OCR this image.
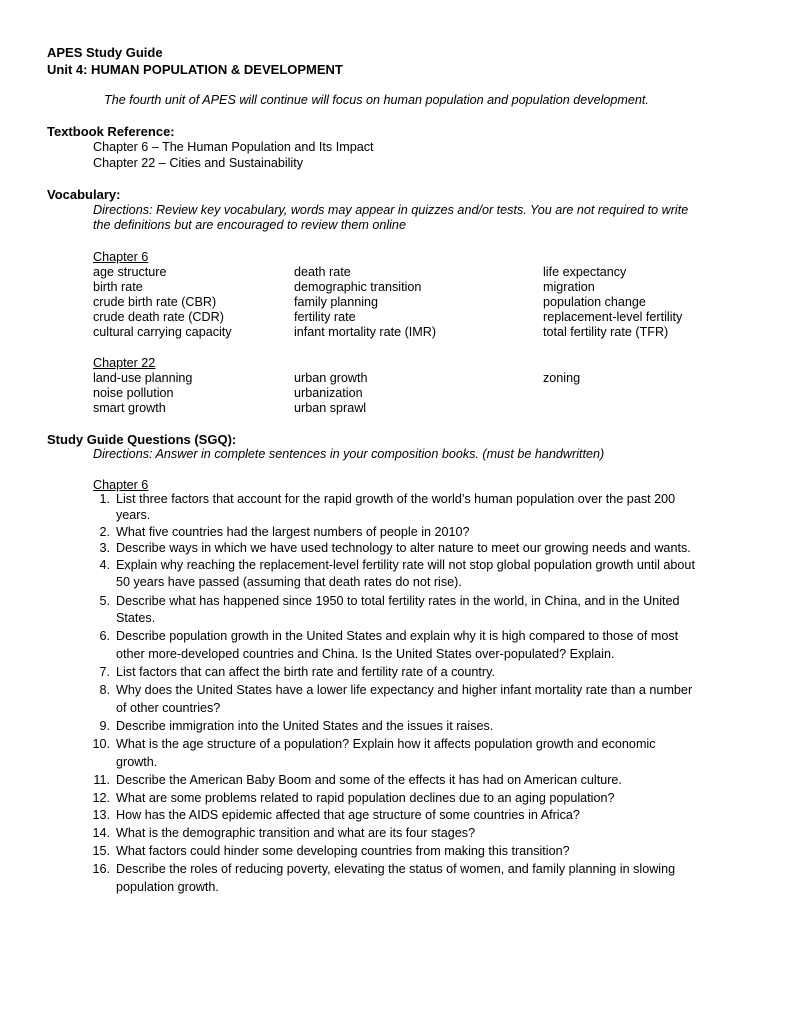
APES Study Guide
Unit 4: HUMAN POPULATION & DEVELOPMENT
The fourth unit of APES will continue will focus on human population and population development.
Textbook Reference:
Chapter 6 – The Human Population and Its Impact
Chapter 22 – Cities and Sustainability
Vocabulary:
Directions: Review key vocabulary, words may appear in quizzes and/or tests. You are not required to write
the definitions but are encouraged to review them online
Chapter 6
age structure
birth rate
crude birth rate (CBR)
crude death rate (CDR)
cultural carrying capacity
death rate
demographic transition
family planning
fertility rate
infant mortality rate (IMR)
life expectancy
migration
population change
replacement-level fertility
total fertility rate (TFR)
Chapter 22
land-use planning
noise pollution
smart growth
urban growth
urbanization
urban sprawl
zoning
Study Guide Questions (SGQ):
Directions: Answer in complete sentences in your composition books. (must be handwritten)
Chapter 6
1. List three factors that account for the rapid growth of the world’s human population over the past 200
years.
2. What five countries had the largest numbers of people in 2010?
3. Describe ways in which we have used technology to alter nature to meet our growing needs and wants.
4. Explain why reaching the replacement-level fertility rate will not stop global population growth until about
50 years have passed (assuming that death rates do not rise).
5. Describe what has happened since 1950 to total fertility rates in the world, in China, and in the United
States.
6. Describe population growth in the United States and explain why it is high compared to those of most
other more-developed countries and China. Is the United States over-populated? Explain.
7. List factors that can affect the birth rate and fertility rate of a country.
8. Why does the United States have a lower life expectancy and higher infant mortality rate than a number
of other countries?
9. Describe immigration into the United States and the issues it raises.
10. What is the age structure of a population? Explain how it affects population growth and economic
growth.
11. Describe the American Baby Boom and some of the effects it has had on American culture.
12. What are some problems related to rapid population declines due to an aging population?
13. How has the AIDS epidemic affected that age structure of some countries in Africa?
14. What is the demographic transition and what are its four stages?
15. What factors could hinder some developing countries from making this transition?
16. Describe the roles of reducing poverty, elevating the status of women, and family planning in slowing
population growth.
